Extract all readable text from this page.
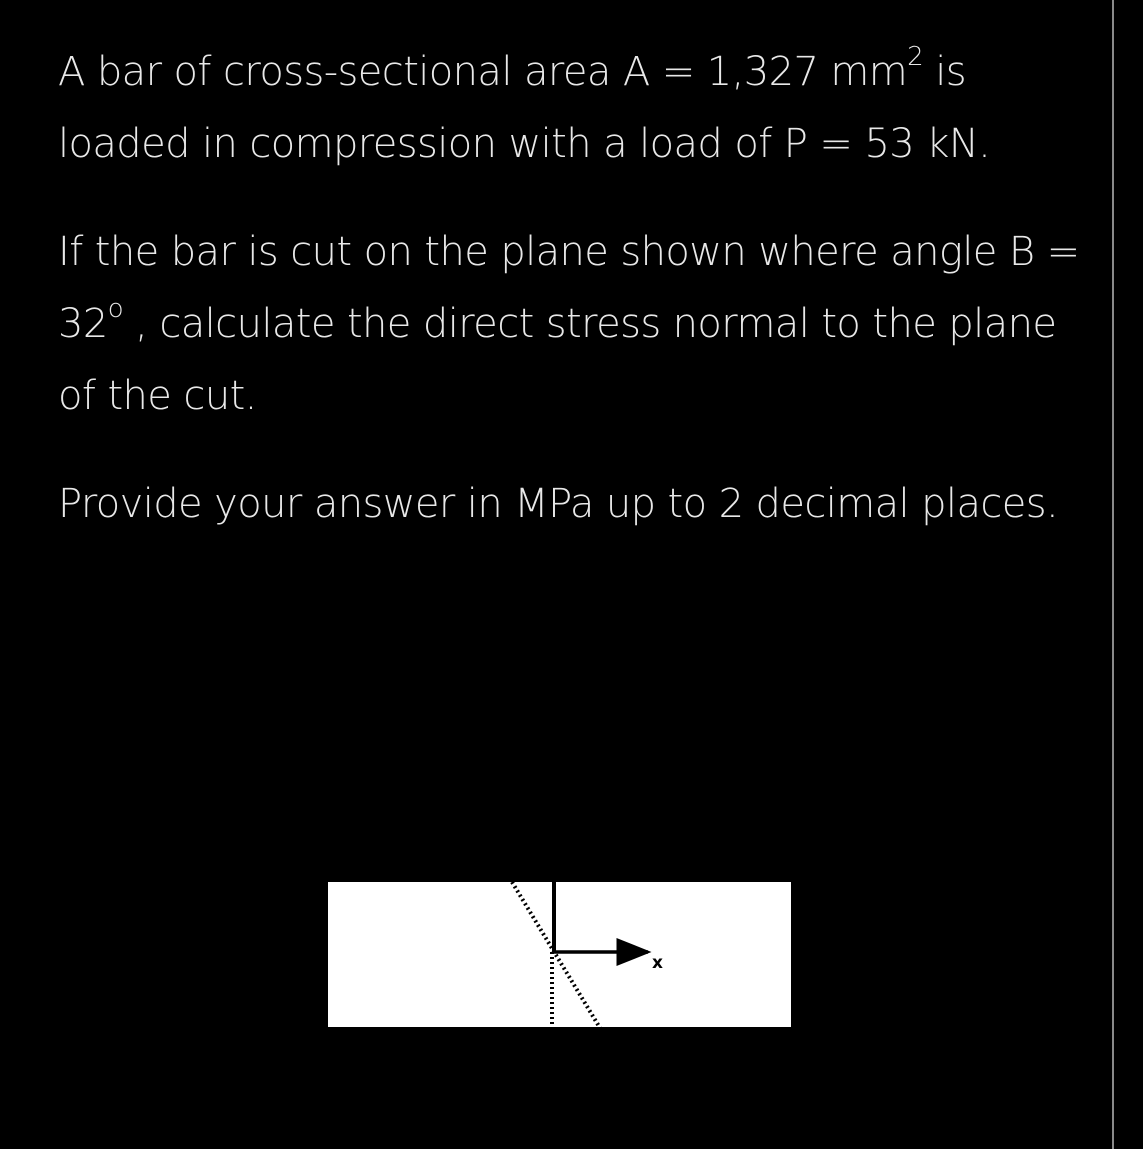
A bar of cross-sectional area A = 1,327 $mm^2$ is loaded in compression with a load of P = 53 kN.

If the bar is cut on the plane shown where angle $B = 32^o$ , calculate the direct stress normal to the plane of the cut.

Provide your answer in MPa up to 2 decimal places.

x
